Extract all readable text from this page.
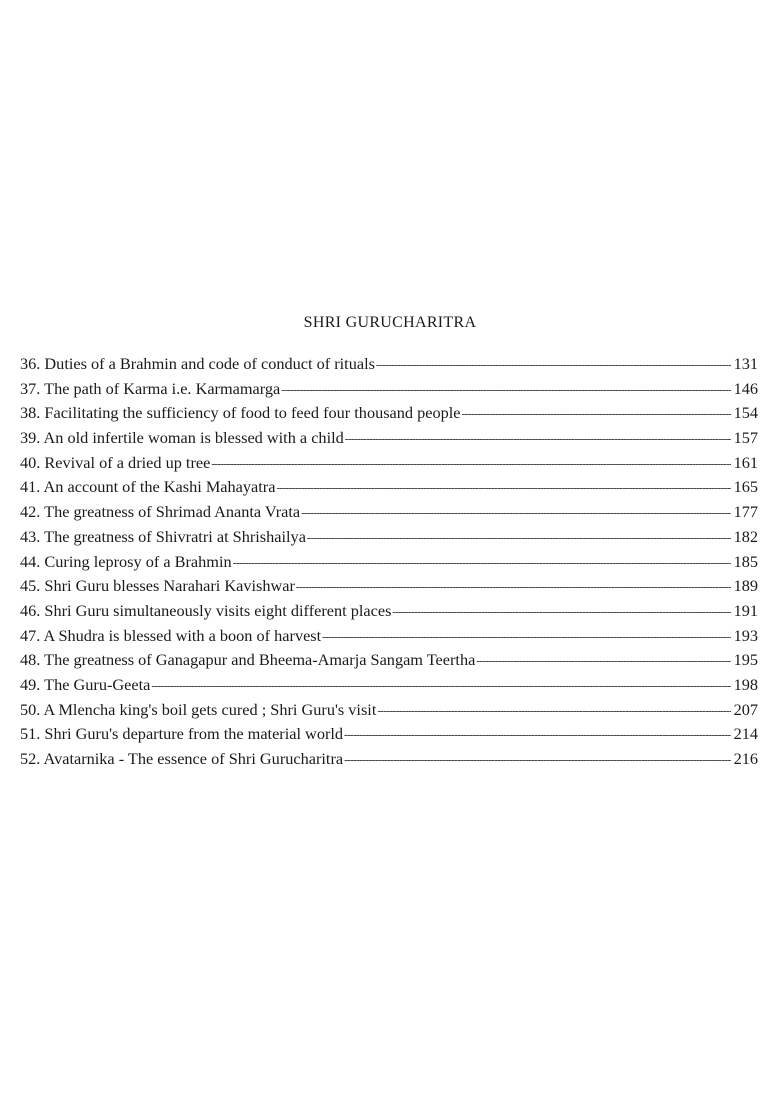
SHRI GURUCHARITRA
36. Duties of a Brahmin and code of conduct of rituals -----	131
37. The path of Karma i.e. Karmamarga -----	146
38. Facilitating the sufficiency of food to feed four thousand people -----	154
39. An old infertile woman is blessed with a child -----	157
40. Revival of a dried up tree -----	161
41. An account of the Kashi Mahayatra -----	165
42. The greatness of Shrimad Ananta Vrata -----	177
43. The greatness of Shivratri at Shrishailya -----	182
44. Curing leprosy of a Brahmin -----	185
45. Shri Guru blesses Narahari Kavishwar -----	189
46. Shri Guru simultaneously visits eight different places -----	191
47. A Shudra is blessed with a boon of harvest -----	193
48. The greatness of Ganagapur and Bheema-Amarja Sangam Teertha -----	195
49. The Guru-Geeta -----	198
50. A Mlencha king's boil gets cured ; Shri Guru's visit -----	207
51. Shri Guru's departure from the material world -----	214
52. Avatarnika - The essence of Shri Gurucharitra -----	216
